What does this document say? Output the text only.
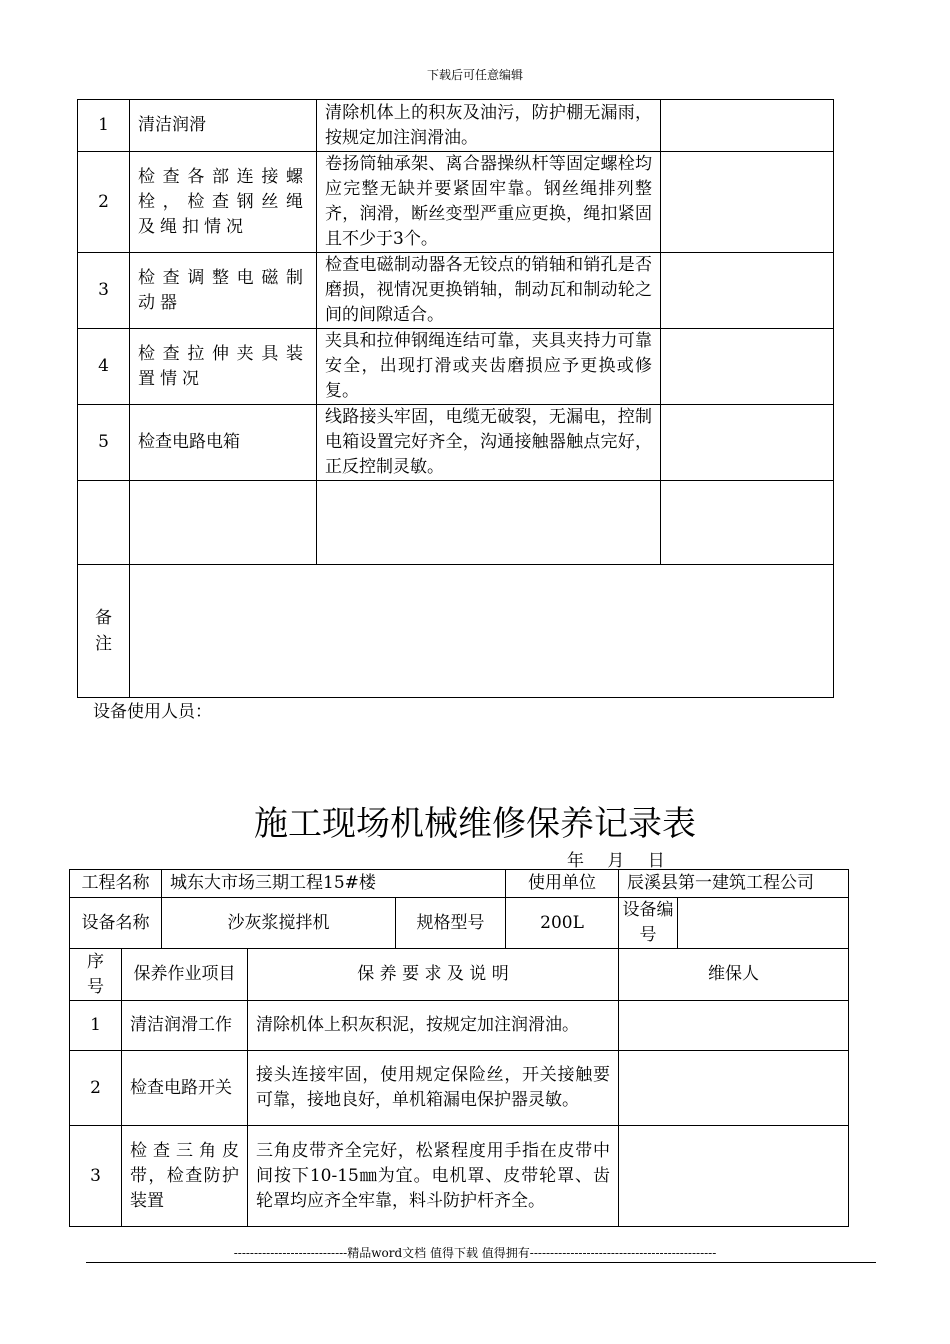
下载后可任意编辑
1	清洁润滑	清除机体上的积灰及油污，防护棚无漏雨，按规定加注润滑油。	
2	检查各部连接螺栓，检查钢丝绳及绳扣情况	卷扬筒轴承架、离合器操纵杆等固定螺栓均应完整无缺并要紧固牢靠。钢丝绳排列整齐，润滑，断丝变型严重应更换，绳扣紧固且不少于3个。	
3	检查调整电磁制动器	检查电磁制动器各无铰点的销轴和销孔是否磨损，视情况更换销轴，制动瓦和制动轮之间的间隙适合。	
4	检查拉伸夹具装置情况	夹具和拉伸钢绳连结可靠，夹具夹持力可靠安全，出现打滑或夹齿磨损应予更换或修复。	
5	检查电路电箱	线路接头牢固，电缆无破裂，无漏电，控制电箱设置完好齐全，沟通接触器触点完好，正反控制灵敏。	

备注			
设备使用人员：
施工现场机械维修保养记录表
年 月 日
工程名称		城东大市场三期工程15#楼			使用单位	辰溪县第一建筑工程公司	
设备名称		沙灰浆搅拌机		规格型号	200L	设备编号	
序号	保养作业项目		保 养 要 求 及 说 明			维保人	
1	清洁润滑工作		清除机体上积灰积泥，按规定加注润滑油。				
2	检查电路开关		接头连接牢固，使用规定保险丝，开关接触要可靠，接地良好，单机箱漏电保护器灵敏。				
3	检查三角皮带，检查防护装置		三角皮带齐全完好，松紧程度用手指在皮带中间按下10-15㎜为宜。电机罩、皮带轮罩、齿轮罩均应齐全牢靠，料斗防护杆齐全。				
----------------------------精品word文档 值得下载 值得拥有----------------------------------------------
